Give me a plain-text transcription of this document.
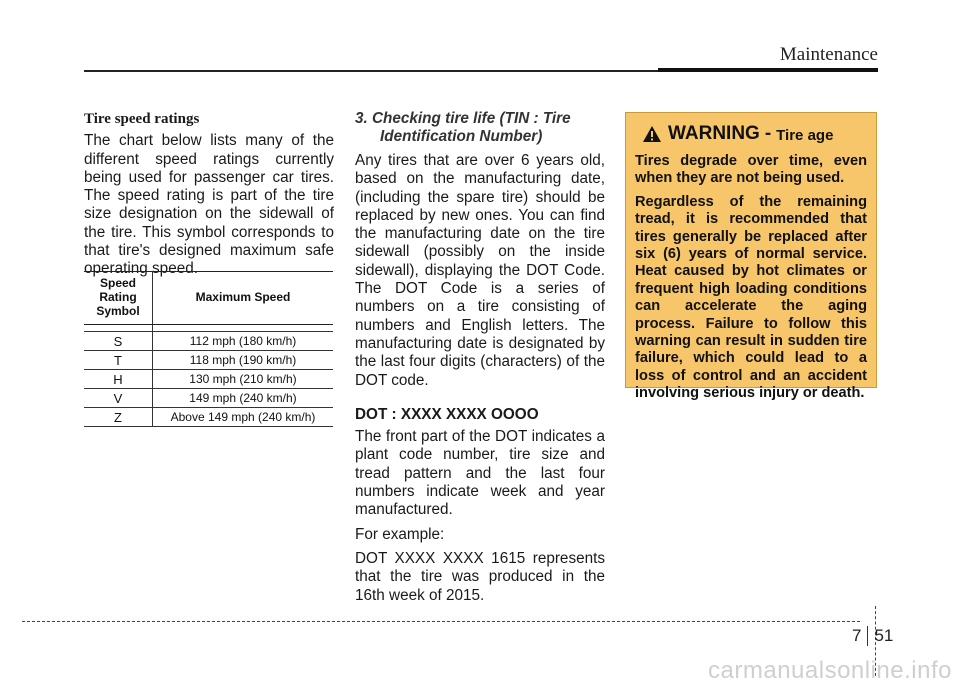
Maintenance
Tire speed ratings

The chart below lists many of the different speed ratings currently being used for passenger car tires. The speed rating is part of the tire size designation on the sidewall of the tire. This symbol corresponds to that tire's designed maximum safe operating speed.

Speed Rating Symbol	Maximum Speed

S	112 mph (180 km/h)
T	118 mph (190 km/h)
H	130 mph (210 km/h)
V	149 mph (240 km/h)
Z	Above 149 mph (240 km/h)
3. Checking tire life (TIN : Tire
Identification Number)

Any tires that are over 6 years old, based on the manufacturing date, (including the spare tire) should be replaced by new ones. You can find the manufacturing date on the tire sidewall (possibly on the inside sidewall), displaying the DOT Code. The DOT Code is a series of numbers on a tire consisting of numbers and English letters. The manufacturing date is designated by the last four digits (characters) of the DOT code.

DOT : XXXX XXXX OOOO

The front part of the DOT indicates a plant code number, tire size and tread pattern and the last four numbers indicate week and year manufactured.

For example:

DOT XXXX XXXX 1615 represents that the tire was produced in the 16th week of 2015.

WARNING - Tire age

Tires degrade over time, even when they are not being used.

Regardless of the remaining tread, it is recommended that tires generally be replaced after six (6) years of normal service. Heat caused by hot climates or frequent high loading conditions can accelerate the aging process. Failure to follow this warning can result in sudden tire failure, which could lead to a loss of control and an accident involving serious injury or death.

7 51
carmanualsonline.info
